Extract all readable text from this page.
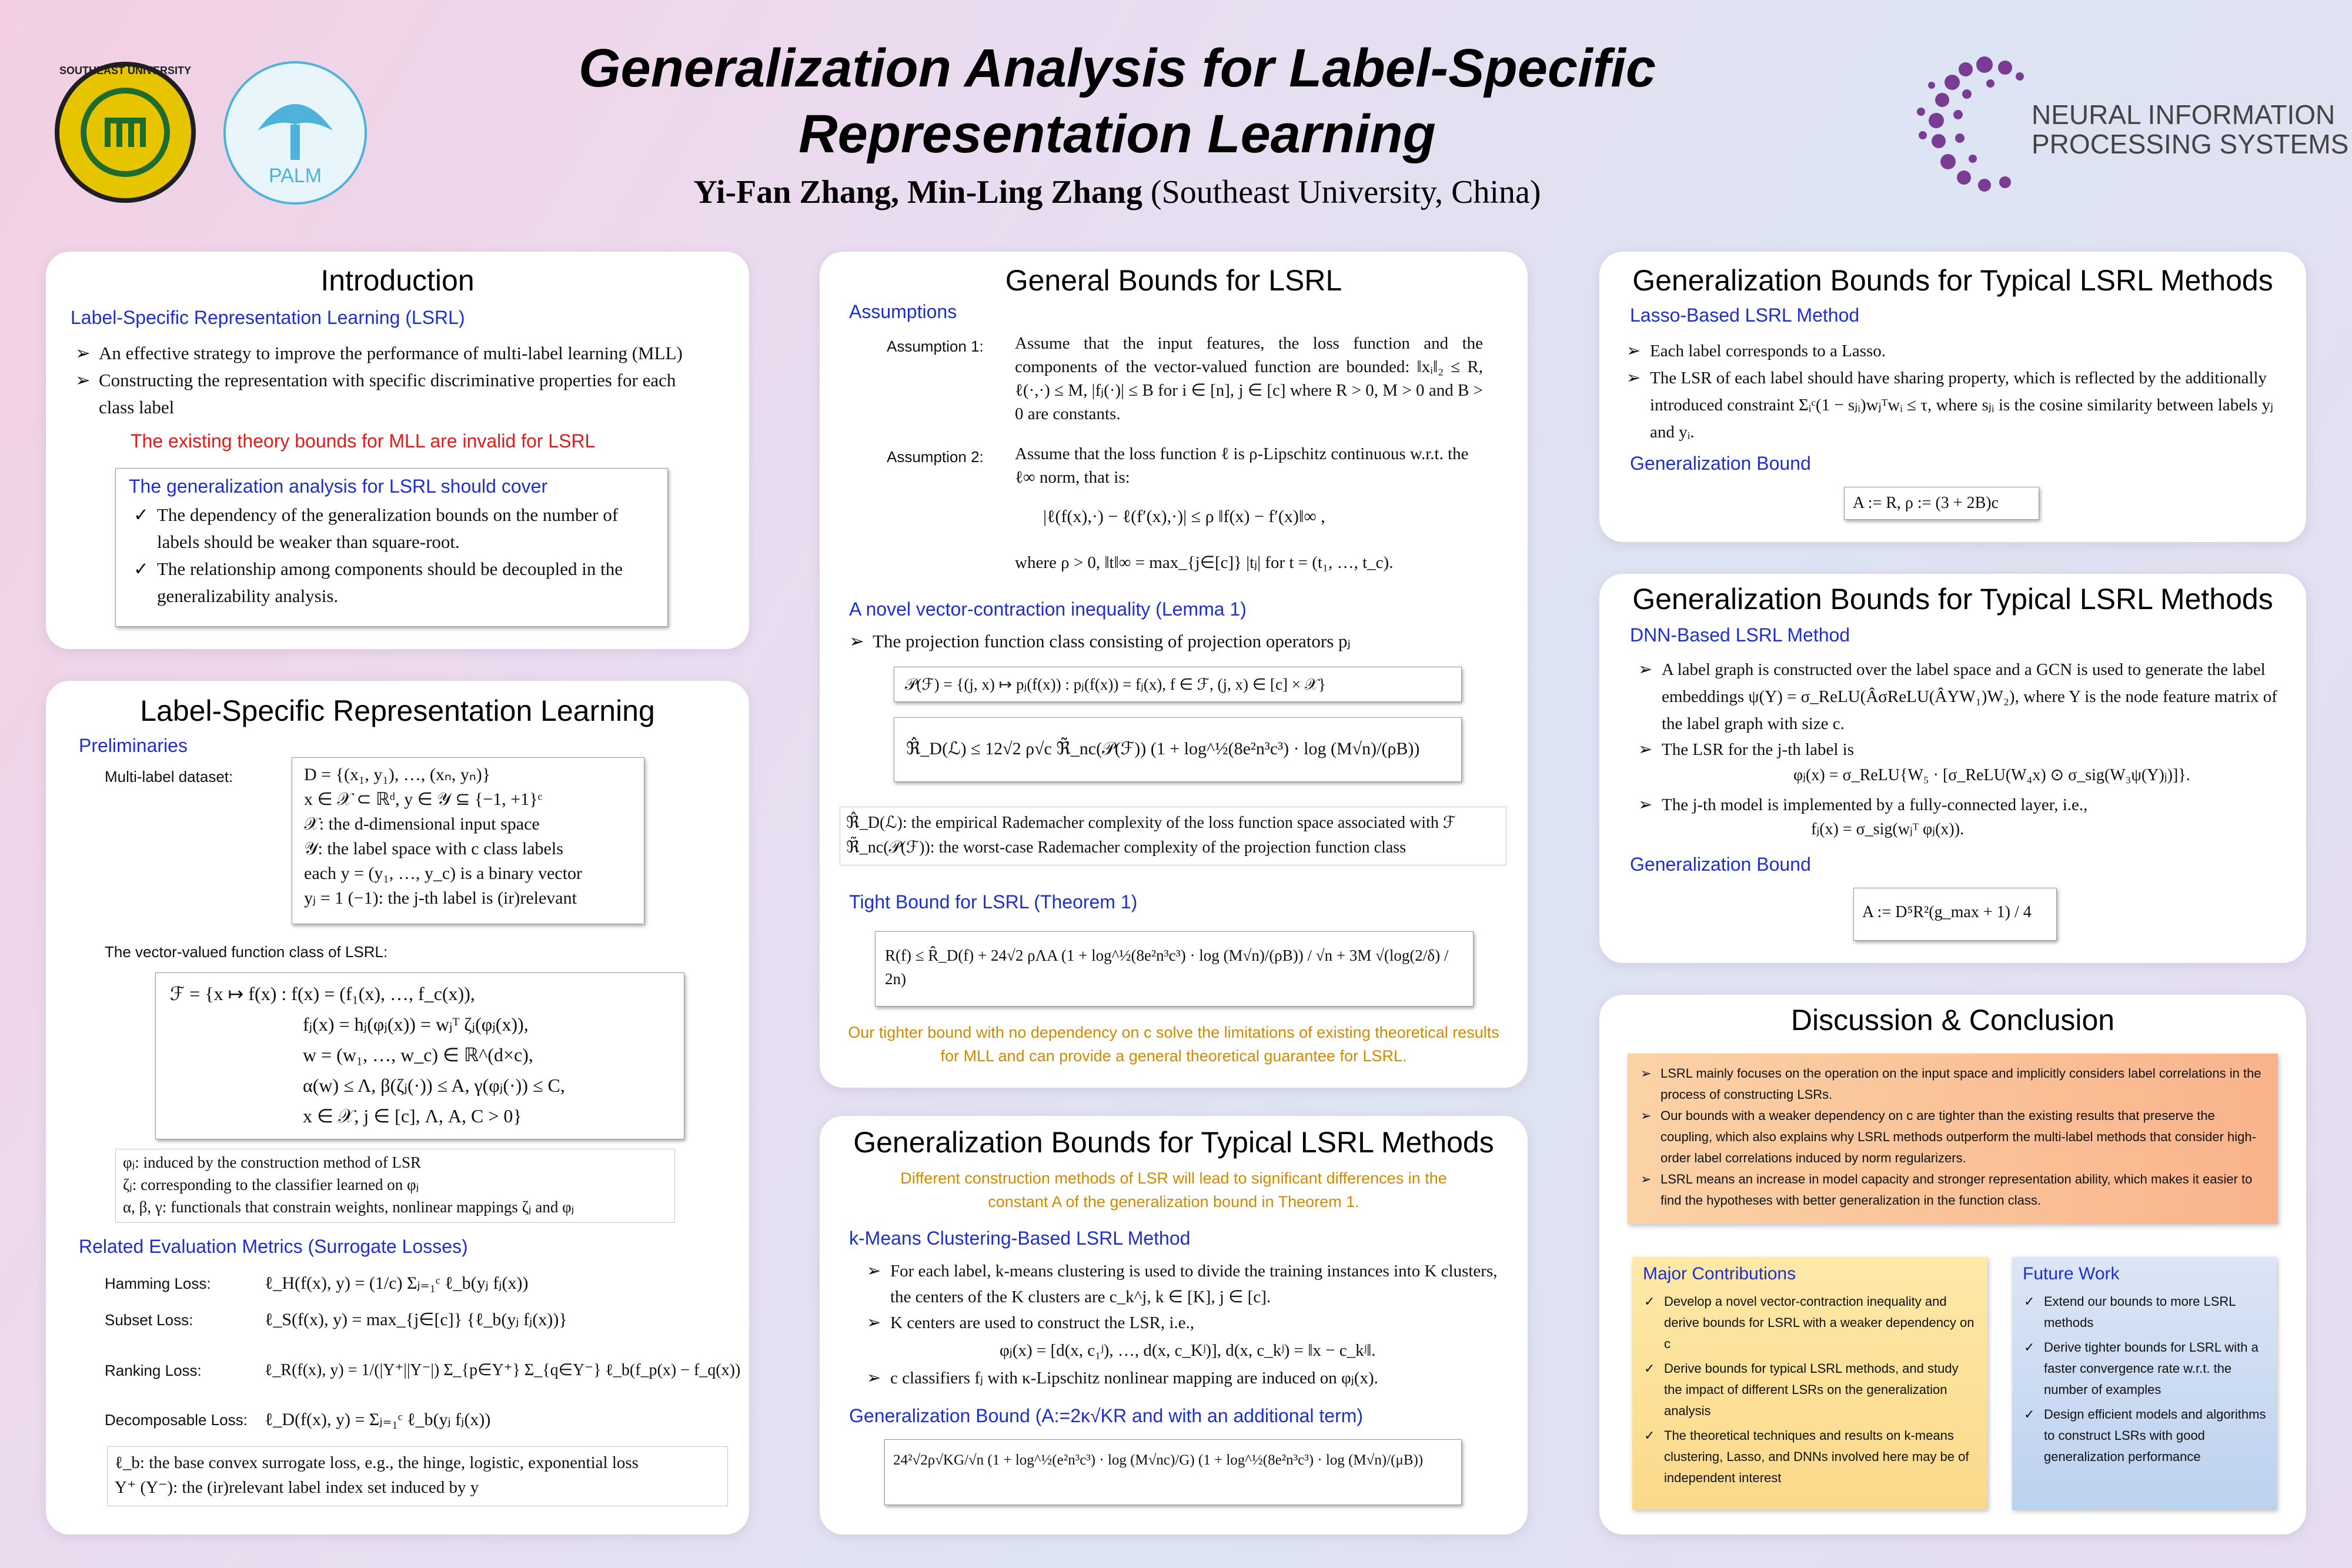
SOUTHEAST UNIVERSITY
PALM
Generalization Analysis for Label-Specific
Representation Learning
Yi-Fan Zhang, Min-Ling Zhang (Southeast University, China)
NEURAL INFORMATION
PROCESSING SYSTEMS
Introduction
Label-Specific Representation Learning (LSRL)
➢ An effective strategy to improve the performance of multi-label learning (MLL)
➢ Constructing the representation with specific discriminative properties for each class label
The existing theory bounds for MLL are invalid for LSRL
The generalization analysis for LSRL should cover
✓ The dependency of the generalization bounds on the number of labels should be weaker than square-root.
✓ The relationship among components should be decoupled in the generalizability analysis.
Label-Specific Representation Learning
Preliminaries
Multi-label dataset:	D = {(x₁, y₁), …, (xₙ, yₙ)}
x ∈ 𝒳 ⊂ ℝᵈ, y ∈ 𝒴 ⊆ {−1, +1}ᶜ
𝒳: the d-dimensional input space
𝒴: the label space with c class labels
each y = (y₁, …, y_c) is a binary vector
yⱼ = 1 (−1): the j-th label is (ir)relevant
The vector-valued function class of LSRL:
ℱ = {x ↦ f(x) : f(x) = (f₁(x), …, f_c(x)),
fⱼ(x) = hⱼ(φⱼ(x)) = wⱼᵀ ζⱼ(φⱼ(x)),
w = (w₁, …, w_c) ∈ ℝ^(d×c),
α(w) ≤ Λ, β(ζⱼ(·)) ≤ A, γ(φⱼ(·)) ≤ C,
x ∈ 𝒳, j ∈ [c], Λ, A, C > 0}
φⱼ: induced by the construction method of LSR
ζⱼ: corresponding to the classifier learned on φⱼ
α, β, γ: functionals that constrain weights, nonlinear mappings ζⱼ and φⱼ
Related Evaluation Metrics (Surrogate Losses)
Hamming Loss:	ℓ_H(f(x), y) = (1/c) Σⱼ₌₁ᶜ ℓ_b(yⱼ fⱼ(x))
Subset Loss:	ℓ_S(f(x), y) = max_{j∈[c]} {ℓ_b(yⱼ fⱼ(x))}
Ranking Loss:	ℓ_R(f(x), y) = 1/(|Y⁺||Y⁻|) Σ_{p∈Y⁺} Σ_{q∈Y⁻} ℓ_b(f_p(x) − f_q(x))
Decomposable Loss: ℓ_D(f(x), y) = Σⱼ₌₁ᶜ ℓ_b(yⱼ fⱼ(x))
ℓ_b: the base convex surrogate loss, e.g., the hinge, logistic, exponential loss
Y⁺ (Y⁻): the (ir)relevant label index set induced by y
General Bounds for LSRL
Assumptions
Assumption 1: Assume that the input features, the loss function and the components of the vector-valued function are bounded: ‖xᵢ‖₂ ≤ R, ℓ(·,·) ≤ M, |fⱼ(·)| ≤ B for i ∈ [n], j ∈ [c] where R > 0, M > 0 and B > 0 are constants.
Assumption 2: Assume that the loss function ℓ is ρ-Lipschitz continuous w.r.t. the ℓ∞ norm, that is:
|ℓ(f(x),·) − ℓ(f′(x),·)| ≤ ρ ‖f(x) − f′(x)‖∞ ,
where ρ > 0, ‖t‖∞ = max_{j∈[c]} |tⱼ| for t = (t₁, …, t_c).
A novel vector-contraction inequality (Lemma 1)
➢ The projection function class consisting of projection operators pⱼ
𝒫(ℱ) = {(j, x) ↦ pⱼ(f(x)) : pⱼ(f(x)) = fⱼ(x), f ∈ ℱ, (j, x) ∈ [c] × 𝒳}
ℜ̂_D(ℒ) ≤ 12√2 ρ√c ℜ̃_nc(𝒫(ℱ)) (1 + log^½(8e²n³c³) · log (M√n)/(ρB))
ℜ̂_D(ℒ): the empirical Rademacher complexity of the loss function space associated with ℱ
ℜ̃_nc(𝒫(ℱ)): the worst-case Rademacher complexity of the projection function class
Tight Bound for LSRL (Theorem 1)
R(f) ≤ R̂_D(f) + 24√2 ρΛA (1 + log^½(8e²n³c³) · log (M√n)/(ρB)) / √n + 3M √(log(2/δ) / 2n)
Our tighter bound with no dependency on c solve the limitations of existing theoretical results for MLL and can provide a general theoretical guarantee for LSRL.
Generalization Bounds for Typical LSRL Methods
Different construction methods of LSR will lead to significant differences in the constant A of the generalization bound in Theorem 1.
k-Means Clustering-Based LSRL Method
➢ For each label, k-means clustering is used to divide the training instances into K clusters, the centers of the K clusters are c_k^j, k ∈ [K], j ∈ [c].
➢ K centers are used to construct the LSR, i.e.,
φⱼ(x) = [d(x, c₁ʲ), …, d(x, c_Kʲ)], d(x, c_kʲ) = ‖x − c_kʲ‖.
➢ c classifiers fⱼ with κ-Lipschitz nonlinear mapping are induced on φⱼ(x).
Generalization Bound (A:=2κ√KR and with an additional term)
24²√2ρ√KG/√n (1 + log^½(e²n³c³) · log (M√nc)/G) (1 + log^½(8e²n³c³) · log (M√n)/(μB))
Generalization Bounds for Typical LSRL Methods
Lasso-Based LSRL Method
➢ Each label corresponds to a Lasso.
➢ The LSR of each label should have sharing property, which is reflected by the additionally introduced constraint Σᵢᶜ(1 − sⱼᵢ)wⱼᵀwᵢ ≤ τ, where sⱼᵢ is the cosine similarity between labels yⱼ and yᵢ.
Generalization Bound
A := R, ρ := (3 + 2B)c
Generalization Bounds for Typical LSRL Methods
DNN-Based LSRL Method
➢ A label graph is constructed over the label space and a GCN is used to generate the label embeddings ψ(Y) = σ_ReLU(ÂσReLU(ÂYW₁)W₂), where Y is the node feature matrix of the label graph with size c.
➢ The LSR for the j-th label is
φⱼ(x) = σ_ReLU{W₅ · [σ_ReLU(W₄x) ⊙ σ_sig(W₃ψ(Y)ⱼ)]}.
➢ The j-th model is implemented by a fully-connected layer, i.e.,
fⱼ(x) = σ_sig(wⱼᵀ φⱼ(x)).
Generalization Bound
A := D⁵R²(g_max + 1) / 4
Discussion & Conclusion
➢ LSRL mainly focuses on the operation on the input space and implicitly considers label correlations in the process of constructing LSRs.
➢ Our bounds with a weaker dependency on c are tighter than the existing results that preserve the coupling, which also explains why LSRL methods outperform the multi-label methods that consider high-order label correlations induced by norm regularizers.
➢ LSRL means an increase in model capacity and stronger representation ability, which makes it easier to find the hypotheses with better generalization in the function class.
Major Contributions
✓ Develop a novel vector-contraction inequality and derive bounds for LSRL with a weaker dependency on c
✓ Derive bounds for typical LSRL methods, and study the impact of different LSRs on the generalization analysis
✓ The theoretical techniques and results on k-means clustering, Lasso, and DNNs involved here may be of independent interest
Future Work
✓ Extend our bounds to more LSRL methods
✓ Derive tighter bounds for LSRL with a faster convergence rate w.r.t. the number of examples
✓ Design efficient models and algorithms to construct LSRs with good generalization performance
